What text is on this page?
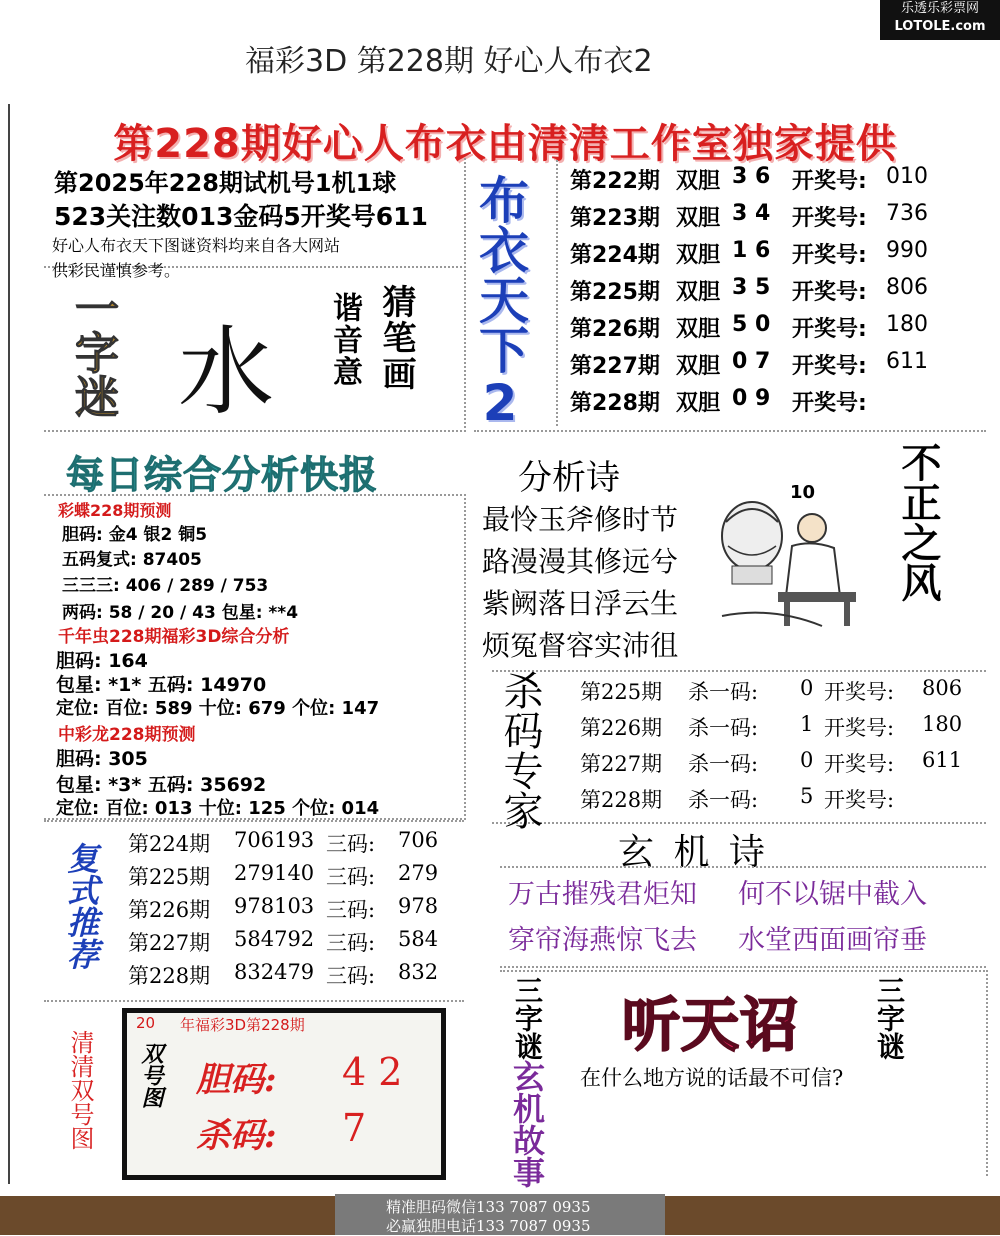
福彩3D 第228期 好心人布衣2
乐透乐彩票网
LOTOLE.com
第228期好心人布衣由清清工作室独家提供
第2025年228期试机号1机1球
523关注数013金码5开奖号611
好心人布衣天下图谜资料均来自各大网站
供彩民谨慎参考。
一字迷 水	猜笔画
谐音意 布衣天下2 第222期 双胆 3 6 开奖号: 010
第223期 双胆 3 4 开奖号: 736
第224期 双胆 1 6 开奖号: 990
第225期 双胆 3 5 开奖号: 806
第226期 双胆 5 0 开奖号: 180
第227期 双胆 0 7 开奖号: 611
第228期 双胆 0 9 开奖号:
每日综合分析快报
彩蝶228期预测
胆码: 金4 银2 铜5
五码复式: 87405
三三三: 406 / 289 / 753
两码: 58 / 20 / 43 包星: **4
千年虫228期福彩3D综合分析
胆码: 164
包星: *1* 五码: 14970
定位: 百位: 589 十位: 679 个位: 147
中彩龙228期预测
胆码: 305
包星: *3* 五码: 35692
定位: 百位: 013 十位: 125 个位: 014
分析诗
最怜玉斧修时节
路漫漫其修远兮
紫阙落日浮云生
烦冤督容实沛徂
10 不正之风
杀码专家 第225期 杀一码: 0 开奖号: 806
第226期 杀一码: 1 开奖号: 180
第227期 杀一码: 0 开奖号: 611
第228期 杀一码: 5 开奖号:
玄 机 诗
万古摧残君炬知 何不以锯中截入
穿帘海燕惊飞去 水堂西面画帘垂
复式推荐 第224期 706193 三码: 706
第225期 279140 三码: 279
第226期 978103 三码: 978
第227期 584792 三码: 584
第228期 832479 三码: 832
清清双号图
20 年福彩3D第228期
双号图 胆码: 4 2
杀码: 7
三字谜
玄机故事
听天诏	三字谜
在什么地方说的话最不可信?
精准胆码微信133 7087 0935
必赢独胆电话133 7087 0935
